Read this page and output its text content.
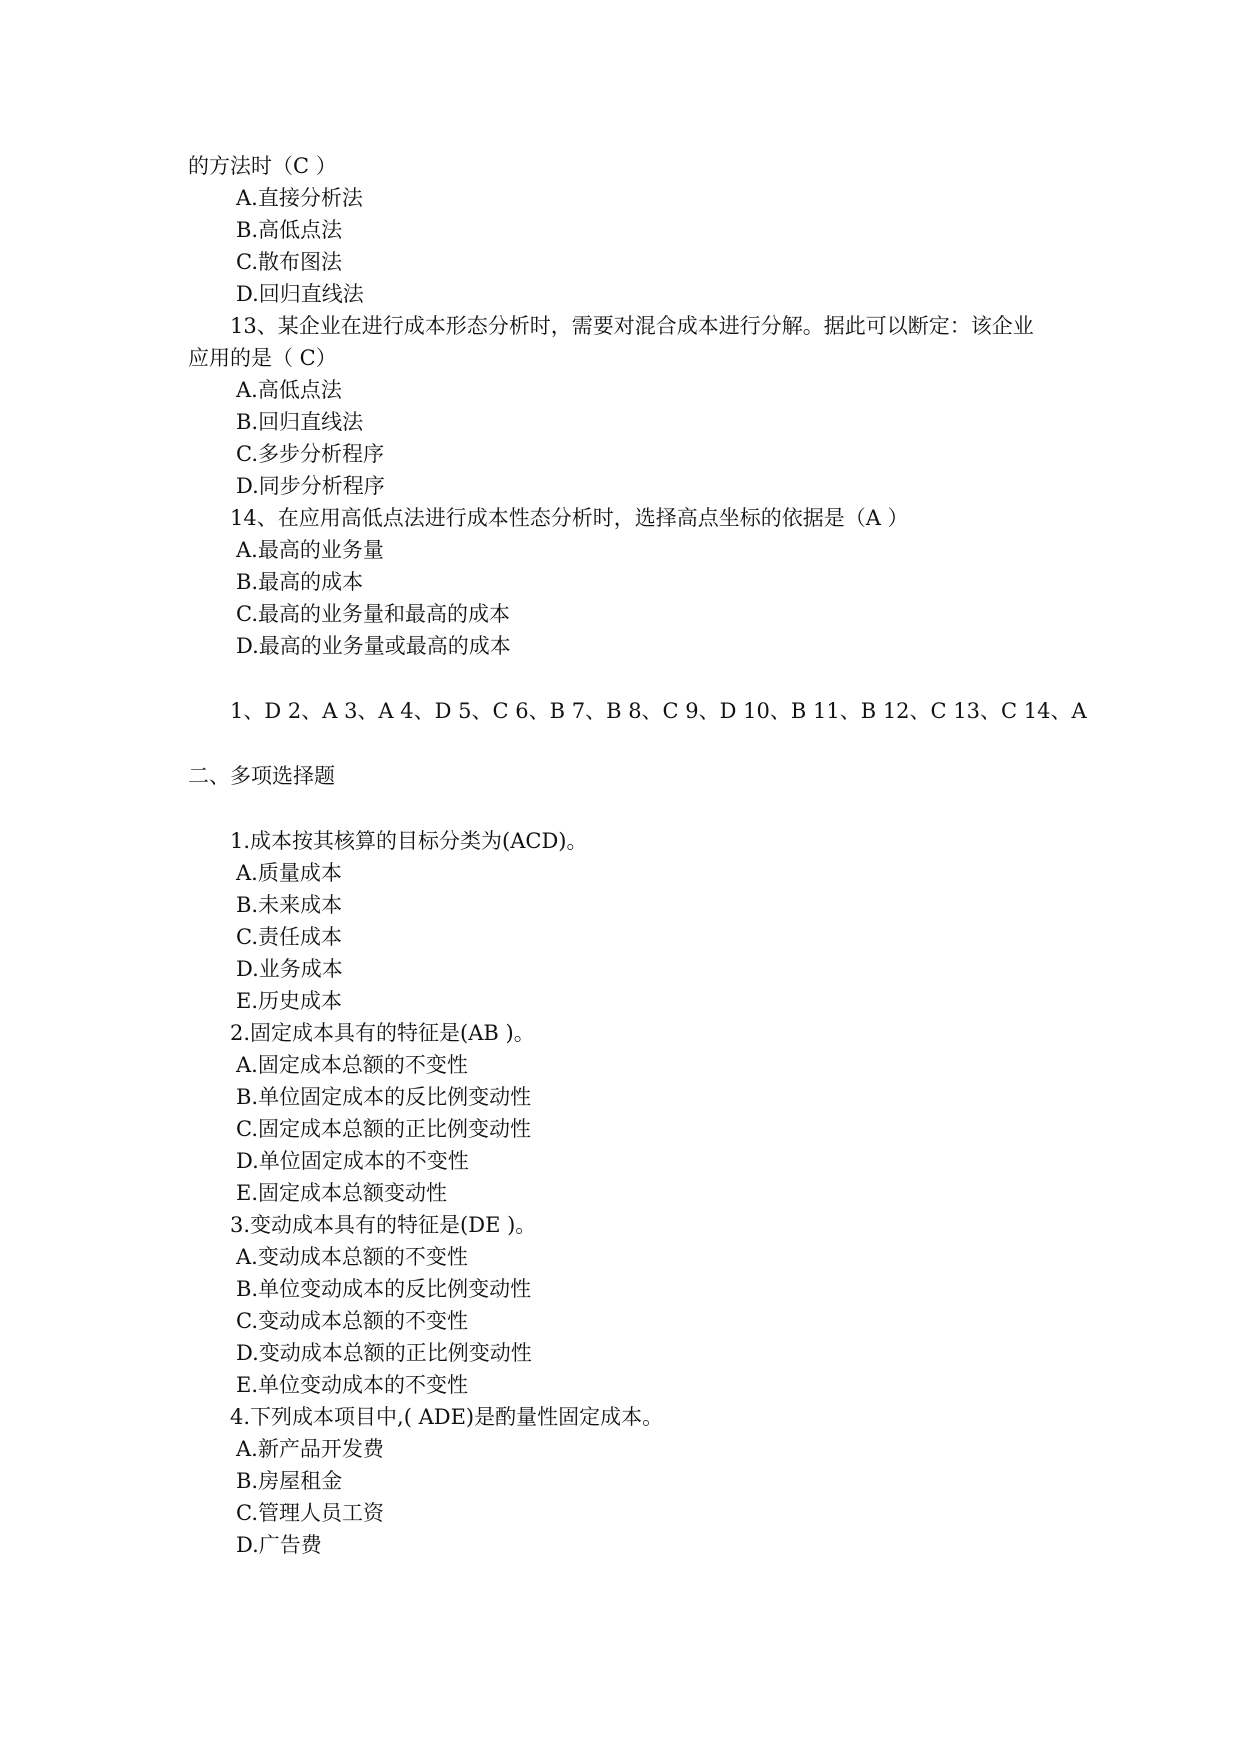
的方法时（C ）
A.直接分析法
B.高低点法
C.散布图法
D.回归直线法
13、某企业在进行成本形态分析时，需要对混合成本进行分解。据此可以断定：该企业
应用的是（ C）
A.高低点法
B.回归直线法
C.多步分析程序
D.同步分析程序
14、在应用高低点法进行成本性态分析时，选择高点坐标的依据是（A ）
A.最高的业务量
B.最高的成本
C.最高的业务量和最高的成本
D.最高的业务量或最高的成本
1、D 2、A 3、A 4、D 5、C 6、B 7、B 8、C 9、D 10、B 11、B 12、C 13、C 14、A
二、多项选择题
1.成本按其核算的目标分类为(ACD)。
A.质量成本
B.未来成本
C.责任成本
D.业务成本
E.历史成本
2.固定成本具有的特征是(AB )。
A.固定成本总额的不变性
B.单位固定成本的反比例变动性
C.固定成本总额的正比例变动性
D.单位固定成本的不变性
E.固定成本总额变动性
3.变动成本具有的特征是(DE )。
A.变动成本总额的不变性
B.单位变动成本的反比例变动性
C.变动成本总额的不变性
D.变动成本总额的正比例变动性
E.单位变动成本的不变性
4.下列成本项目中,( ADE)是酌量性固定成本。
A.新产品开发费
B.房屋租金
C.管理人员工资
D.广告费
